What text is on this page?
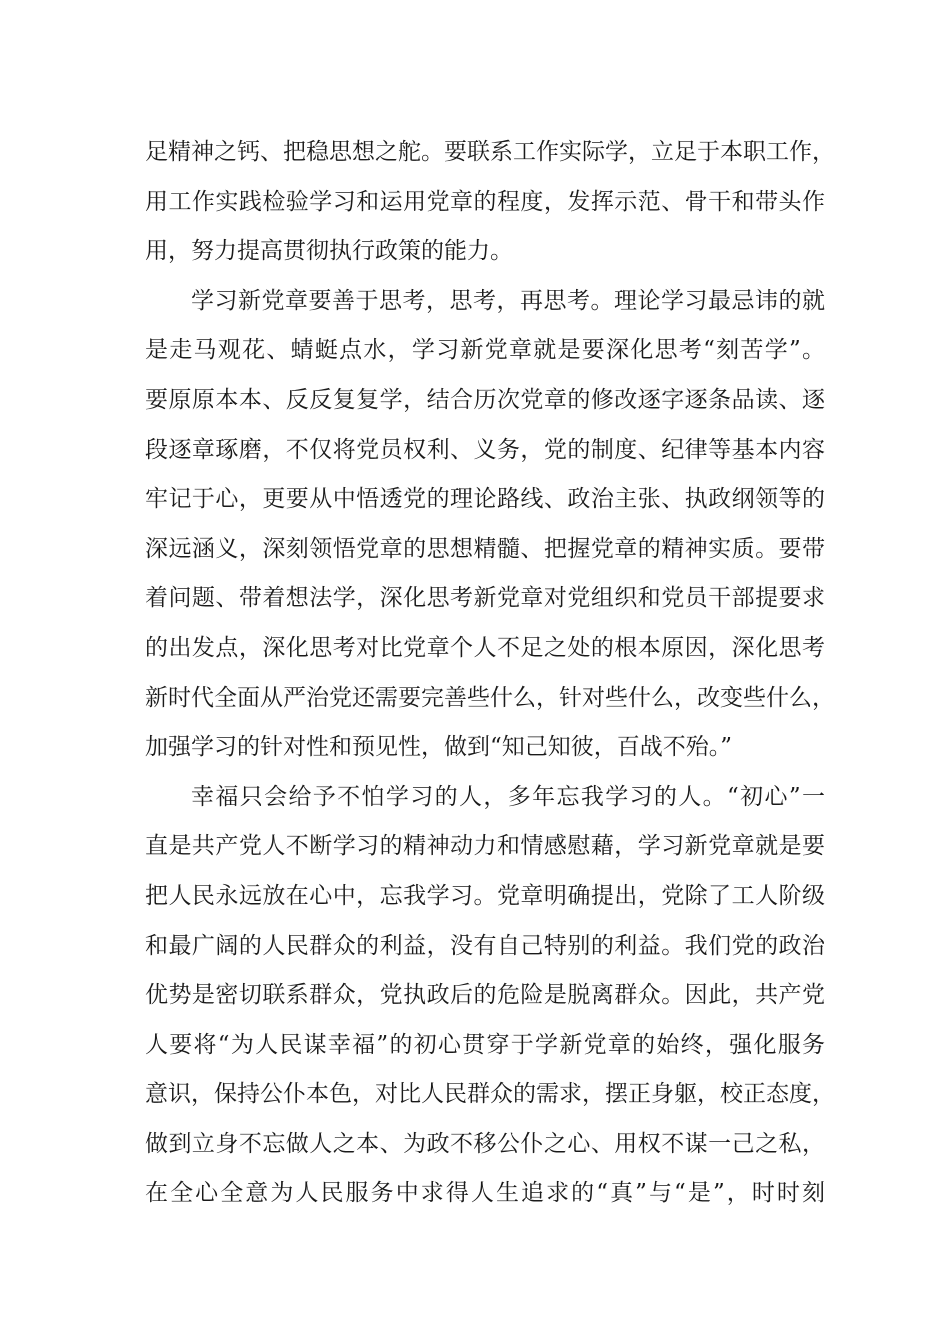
足精神之钙、把稳思想之舵。要联系工作实际学，立足于本职工作，
用工作实践检验学习和运用党章的程度，发挥示范、骨干和带头作
用，努力提高贯彻执行政策的能力。
学习新党章要善于思考，思考，再思考。理论学习最忌讳的就
是走马观花、蜻蜓点水，学习新党章就是要深化思考“刻苦学”。
要原原本本、反反复复学，结合历次党章的修改逐字逐条品读、逐
段逐章琢磨，不仅将党员权利、义务，党的制度、纪律等基本内容
牢记于心，更要从中悟透党的理论路线、政治主张、执政纲领等的
深远涵义，深刻领悟党章的思想精髓、把握党章的精神实质。要带
着问题、带着想法学，深化思考新党章对党组织和党员干部提要求
的出发点，深化思考对比党章个人不足之处的根本原因，深化思考
新时代全面从严治党还需要完善些什么，针对些什么，改变些什么，
加强学习的针对性和预见性，做到“知己知彼，百战不殆。”
幸福只会给予不怕学习的人，多年忘我学习的人。“初心”一
直是共产党人不断学习的精神动力和情感慰藉，学习新党章就是要
把人民永远放在心中，忘我学习。党章明确提出，党除了工人阶级
和最广阔的人民群众的利益，没有自己特别的利益。我们党的政治
优势是密切联系群众，党执政后的危险是脱离群众。因此，共产党
人要将“为人民谋幸福”的初心贯穿于学新党章的始终，强化服务
意识，保持公仆本色，对比人民群众的需求，摆正身躯，校正态度，
做到立身不忘做人之本、为政不移公仆之心、用权不谋一己之私，
在全心全意为人民服务中求得人生追求的“真”与“是”，时时刻
